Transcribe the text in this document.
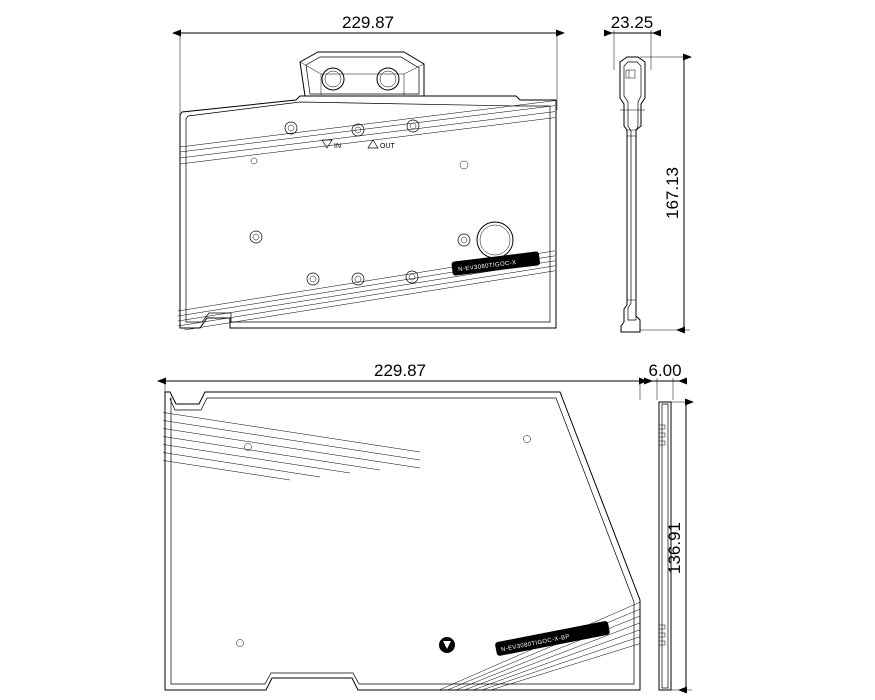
IN	OUT
N-EV3080TIGOC-X
229.87	23.25
167.13
EKWB	N-EV3080TIGOC-X-BP
229.87	6.00
136.91
